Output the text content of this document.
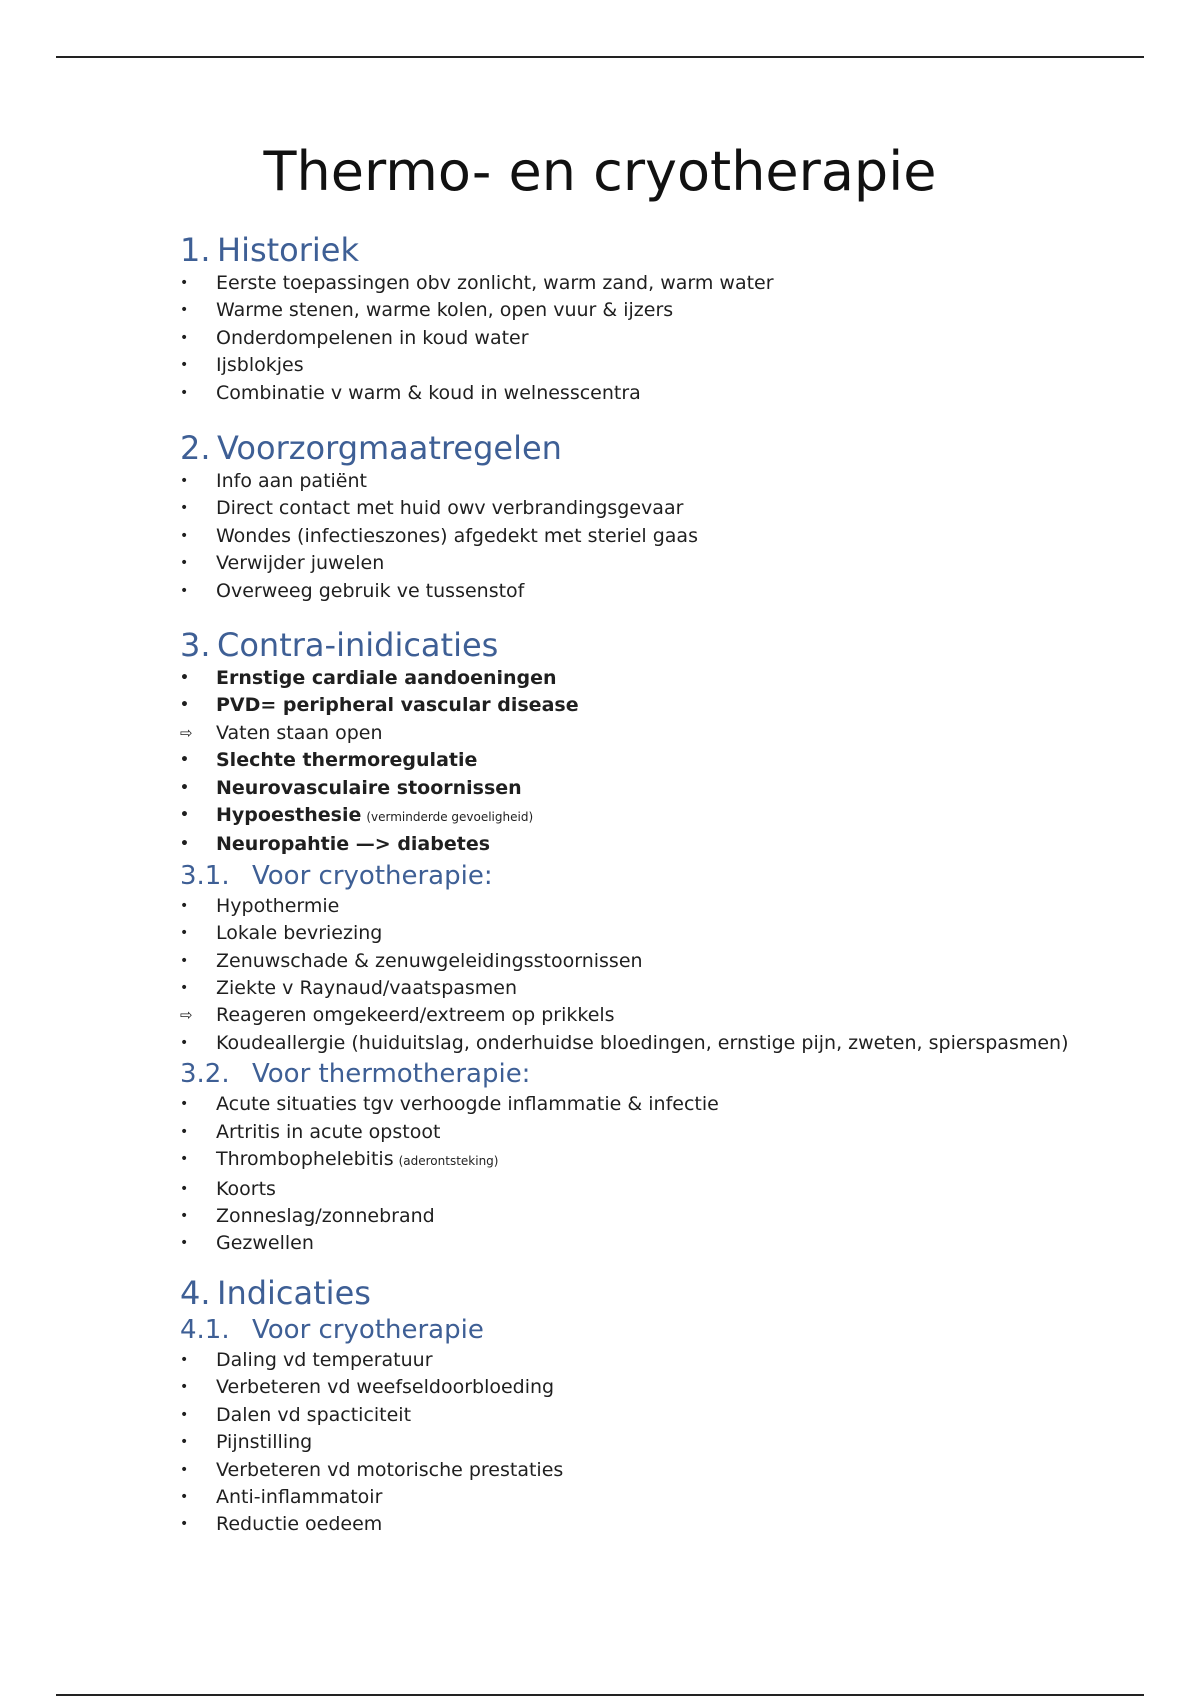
Thermo- en cryotherapie
1. Historiek
•	Eerste toepassingen obv zonlicht, warm zand, warm water
•	Warme stenen, warme kolen, open vuur & ijzers
•	Onderdompelenen in koud water
•	Ijsblokjes
•	Combinatie v warm & koud in welnesscentra
2. Voorzorgmaatregelen
•	Info aan patiënt
•	Direct contact met huid owv verbrandingsgevaar
•	Wondes (infectieszones) afgedekt met steriel gaas
•	Verwijder juwelen
•	Overweeg gebruik ve tussenstof
3. Contra-inidicaties
•	Ernstige cardiale aandoeningen
•	PVD= peripheral vascular disease
⇨	Vaten staan open
•	Slechte thermoregulatie
•	Neurovasculaire stoornissen
•	Hypoesthesie (verminderde gevoeligheid)
•	Neuropahtie —> diabetes
3.1. Voor cryotherapie:
•	Hypothermie
•	Lokale bevriezing
•	Zenuwschade & zenuwgeleidingsstoornissen
•	Ziekte v Raynaud/vaatspasmen
⇨	Reageren omgekeerd/extreem op prikkels
•	Koudeallergie (huiduitslag, onderhuidse bloedingen, ernstige pijn, zweten, spierspasmen)
3.2. Voor thermotherapie:
•	Acute situaties tgv verhoogde inflammatie & infectie
•	Artritis in acute opstoot
•	Thrombophelebitis (aderontsteking)
•	Koorts
•	Zonneslag/zonnebrand
•	Gezwellen
4. Indicaties
4.1. Voor cryotherapie
•	Daling vd temperatuur
•	Verbeteren vd weefseldoorbloeding
•	Dalen vd spacticiteit
•	Pijnstilling
•	Verbeteren vd motorische prestaties
•	Anti-inflammatoir
•	Reductie oedeem
